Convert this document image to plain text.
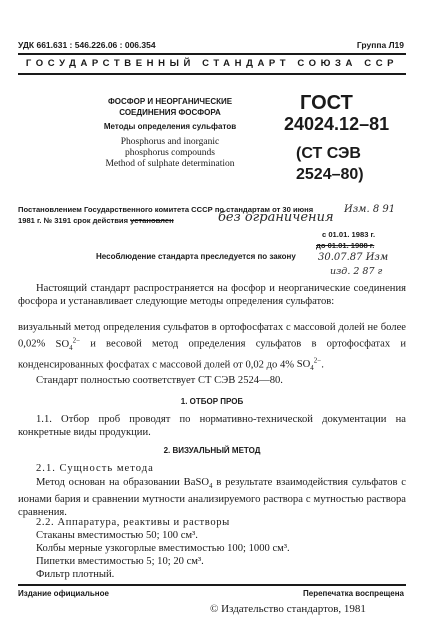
УДК 661.631 : 546.226.06 : 006.354	Группа Л19
ГОСУДАРСТВЕННЫЙ СТАНДАРТ СОЮЗА ССР
ФОСФОР И НЕОРГАНИЧЕСКИЕ
СОЕДИНЕНИЯ ФОСФОРА
Методы определения сульфатов
Phosphorus and inorganic
phosphorus compounds
Method of sulphate determination
ГОСТ
24024.12–81
(СТ СЭВ
2524–80)
Постановлением Государственного комитета СССР по стандартам от 30 июня
1981 г. № 3191 срок действия установлен	без ограничения
Изм. 8 91
с 01.01. 1983 г.
до 01.01. 1988 г.
30.07.87 Изм
изд. 2 87 г
Несоблюдение стандарта преследуется по закону
Настоящий стандарт распространяется на фосфор и неорганические соединения фосфора и устанавливает следующие методы определения сульфатов:
визуальный метод определения сульфатов в ортофосфатах с массовой долей не более 0,02% $SO_4^{2-}$ и весовой метод определения сульфатов в ортофосфатах и конденсированных фосфатах с массовой долей от 0,02 до 4% $SO_4^{2-}$.
Стандарт полностью соответствует СТ СЭВ 2524—80.
1. ОТБОР ПРОБ
1.1. Отбор проб проводят по нормативно-технической документации на конкретные виды продукции.
2. ВИЗУАЛЬНЫЙ МЕТОД
2.1. Сущность метода
Метод основан на образовании BaSO$_4$ в результате взаимодействия сульфатов с ионами бария и сравнении мутности анализируемого раствора с мутностью раствора сравнения.
2.2. Аппаратура, реактивы и растворы
Стаканы вместимостью 50; 100 см³.
Колбы мерные узкогорлые вместимостью 100; 1000 см³.
Пипетки вместимостью 5; 10; 20 см³.
Фильтр плотный.
Издание официальное	Перепечатка воспрещена
© Издательство стандартов, 1981
